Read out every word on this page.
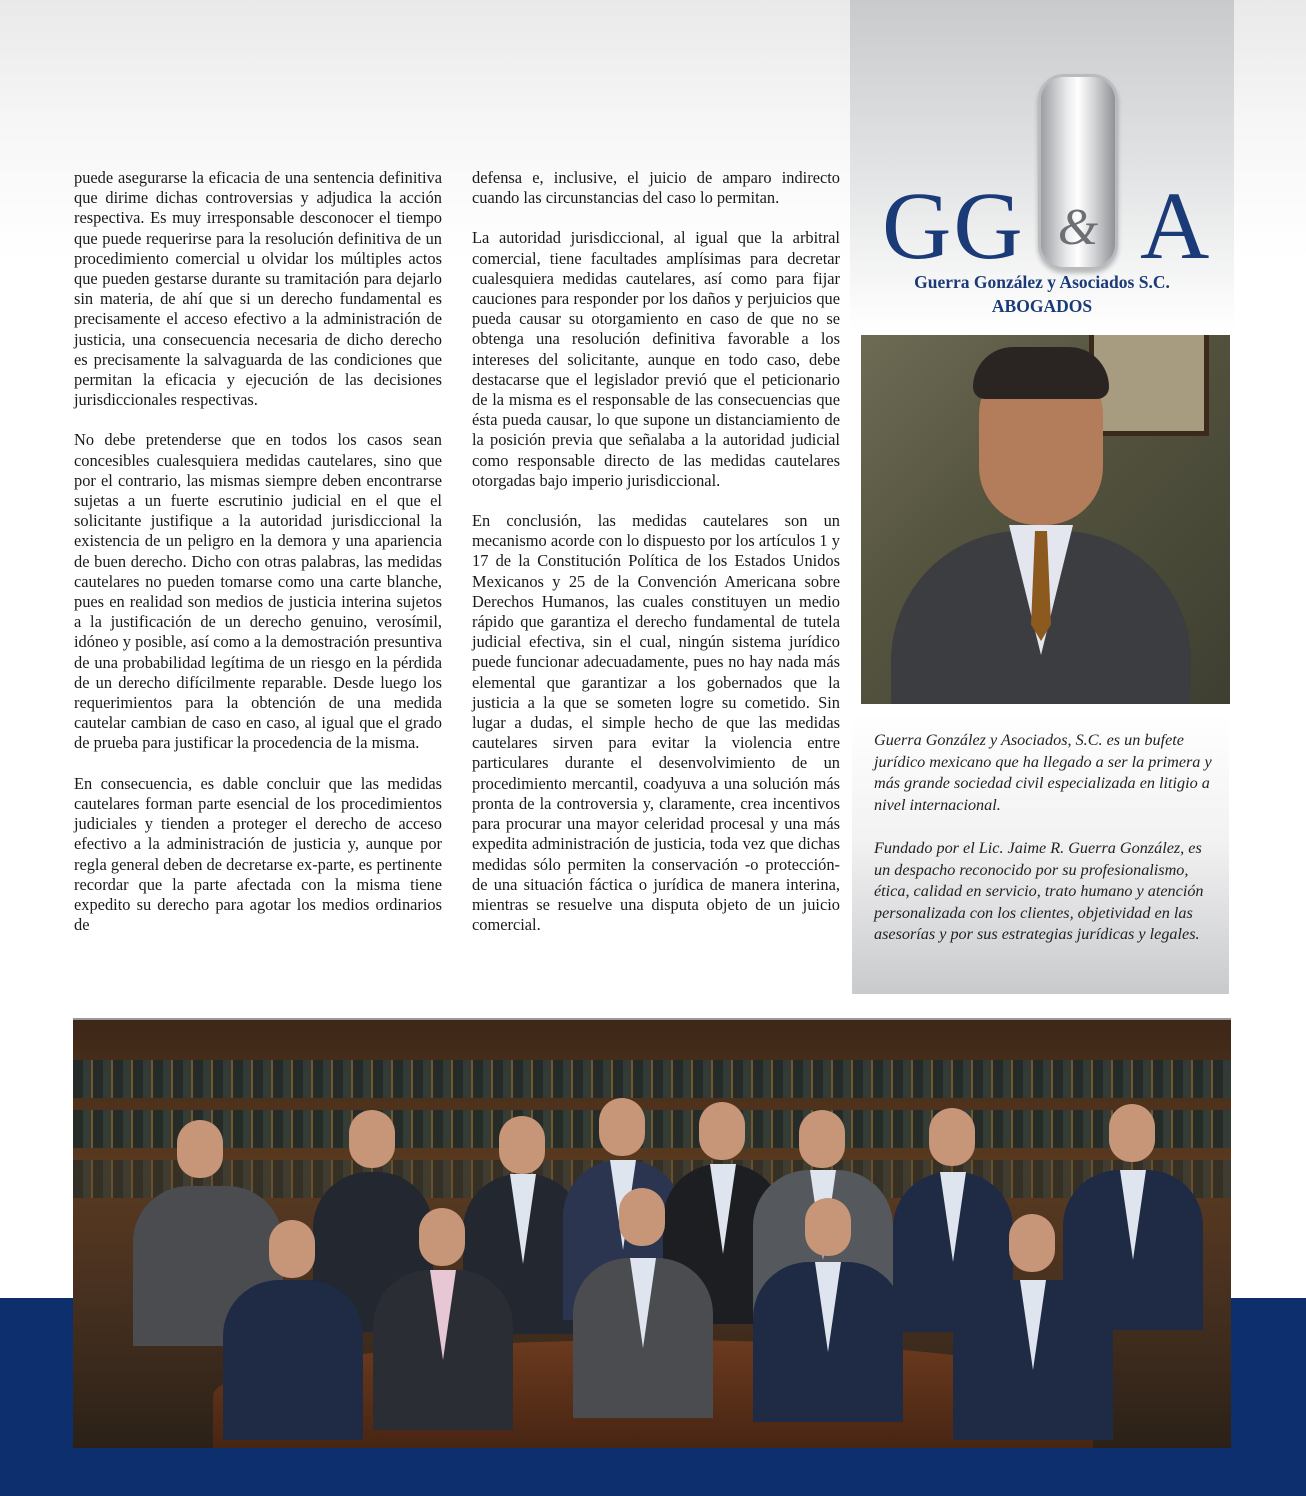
puede asegurarse la eficacia de una sentencia definitiva que dirime dichas controversias y adjudica la acción respectiva. Es muy irresponsable desconocer el tiempo que puede requerirse para la resolución definitiva de un procedimiento comercial u olvidar los múltiples actos que pueden gestarse durante su tramitación para dejarlo sin materia, de ahí que si un derecho fundamental es precisamente el acceso efectivo a la administración de justicia, una consecuencia necesaria de dicho derecho es precisamente la salvaguarda de las condiciones que permitan la eficacia y ejecución de las decisiones jurisdiccionales respectivas.

No debe pretenderse que en todos los casos sean concesibles cualesquiera medidas cautelares, sino que por el contrario, las mismas siempre deben encontrarse sujetas a un fuerte escrutinio judicial en el que el solicitante justifique a la autoridad jurisdiccional la existencia de un peligro en la demora y una apariencia de buen derecho. Dicho con otras palabras, las medidas cautelares no pueden tomarse como una carte blanche, pues en realidad son medios de justicia interina sujetos a la justificación de un derecho genuino, verosímil, idóneo y posible, así como a la demostración presuntiva de una probabilidad legítima de un riesgo en la pérdida de un derecho difícilmente reparable. Desde luego los requerimientos para la obtención de una medida cautelar cambian de caso en caso, al igual que el grado de prueba para justificar la procedencia de la misma.

En consecuencia, es dable concluir que las medidas cautelares forman parte esencial de los procedimientos judiciales y tienden a proteger el derecho de acceso efectivo a la administración de justicia y, aunque por regla general deben de decretarse ex-parte, es pertinente recordar que la parte afectada con la misma tiene expedito su derecho para agotar los medios ordinarios de

defensa e, inclusive, el juicio de amparo indirecto cuando las circunstancias del caso lo permitan.

La autoridad jurisdiccional, al igual que la arbitral comercial, tiene facultades amplísimas para decretar cualesquiera medidas cautelares, así como para fijar cauciones para responder por los daños y perjuicios que pueda causar su otorgamiento en caso de que no se obtenga una resolución definitiva favorable a los intereses del solicitante, aunque en todo caso, debe destacarse que el legislador previó que el peticionario de la misma es el responsable de las consecuencias que ésta pueda causar, lo que supone un distanciamiento de la posición previa que señalaba a la autoridad judicial como responsable directo de las medidas cautelares otorgadas bajo imperio jurisdiccional.

En conclusión, las medidas cautelares son un mecanismo acorde con lo dispuesto por los artículos 1 y 17 de la Constitución Política de los Estados Unidos Mexicanos y 25 de la Convención Americana sobre Derechos Humanos, las cuales constituyen un medio rápido que garantiza el derecho fundamental de tutela judicial efectiva, sin el cual, ningún sistema jurídico puede funcionar adecuadamente, pues no hay nada más elemental que garantizar a los gobernados que la justicia a la que se someten logre su cometido. Sin lugar a dudas, el simple hecho de que las medidas cautelares sirven para evitar la violencia entre particulares durante el desenvolvimiento de un procedimiento mercantil, coadyuva a una solución más pronta de la controversia y, claramente, crea incentivos para procurar una mayor celeridad procesal y una más expedita administración de justicia, toda vez que dichas medidas sólo permiten la conservación -o protección- de una situación fáctica o jurídica de manera interina, mientras se resuelve una disputa objeto de un juicio comercial.

GG & A
Guerra González y Asociados S.C.
ABOGADOS
Guerra González y Asociados, S.C. es un bufete jurídico mexicano que ha llegado a ser la primera y más grande sociedad civil especializada en litigio a nivel internacional.
Fundado por el Lic. Jaime R. Guerra González, es un despacho reconocido por su profesionalismo, ética, calidad en servicio, trato humano y atención personalizada con los clientes, objetividad en las asesorías y por sus estrategias jurídicas y legales.
